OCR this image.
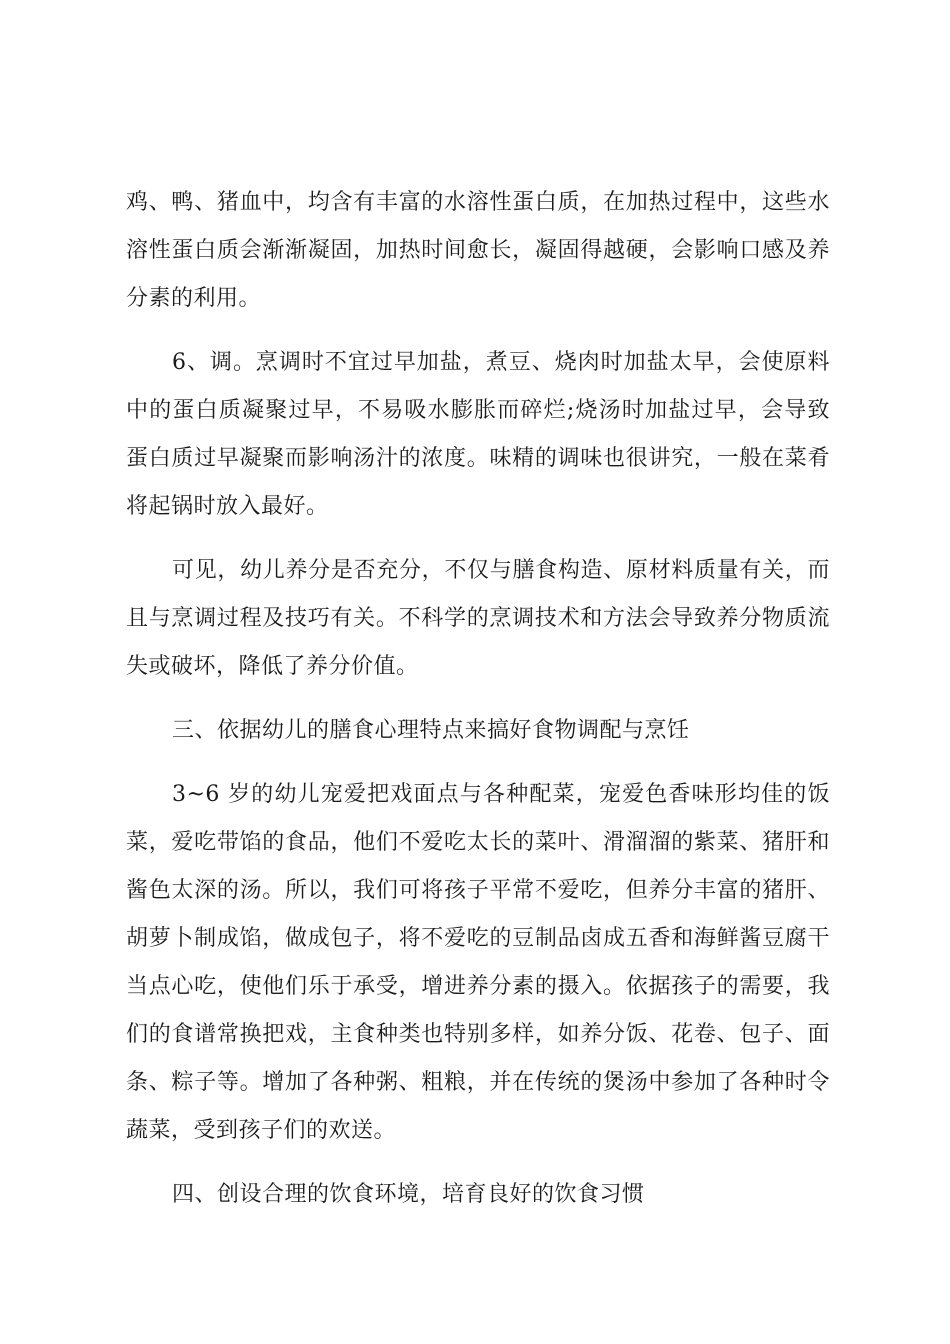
鸡、鸭、猪血中，均含有丰富的水溶性蛋白质，在加热过程中，这些水溶性蛋白质会渐渐凝固，加热时间愈长，凝固得越硬，会影响口感及养分素的利用。

6、调。烹调时不宜过早加盐，煮豆、烧肉时加盐太早，会使原料中的蛋白质凝聚过早，不易吸水膨胀而碎烂;烧汤时加盐过早，会导致蛋白质过早凝聚而影响汤汁的浓度。味精的调味也很讲究，一般在菜肴将起锅时放入最好。

可见，幼儿养分是否充分，不仅与膳食构造、原材料质量有关，而且与烹调过程及技巧有关。不科学的烹调技术和方法会导致养分物质流失或破坏，降低了养分价值。

三、依据幼儿的膳食心理特点来搞好食物调配与烹饪

3~6 岁的幼儿宠爱把戏面点与各种配菜，宠爱色香味形均佳的饭菜，爱吃带馅的食品，他们不爱吃太长的菜叶、滑溜溜的紫菜、猪肝和酱色太深的汤。所以，我们可将孩子平常不爱吃，但养分丰富的猪肝、胡萝卜制成馅，做成包子，将不爱吃的豆制品卤成五香和海鲜酱豆腐干当点心吃，使他们乐于承受，增进养分素的摄入。依据孩子的需要，我们的食谱常换把戏，主食种类也特别多样，如养分饭、花卷、包子、面条、粽子等。增加了各种粥、粗粮，并在传统的煲汤中参加了各种时令蔬菜，受到孩子们的欢送。

四、创设合理的饮食环境，培育良好的饮食习惯
